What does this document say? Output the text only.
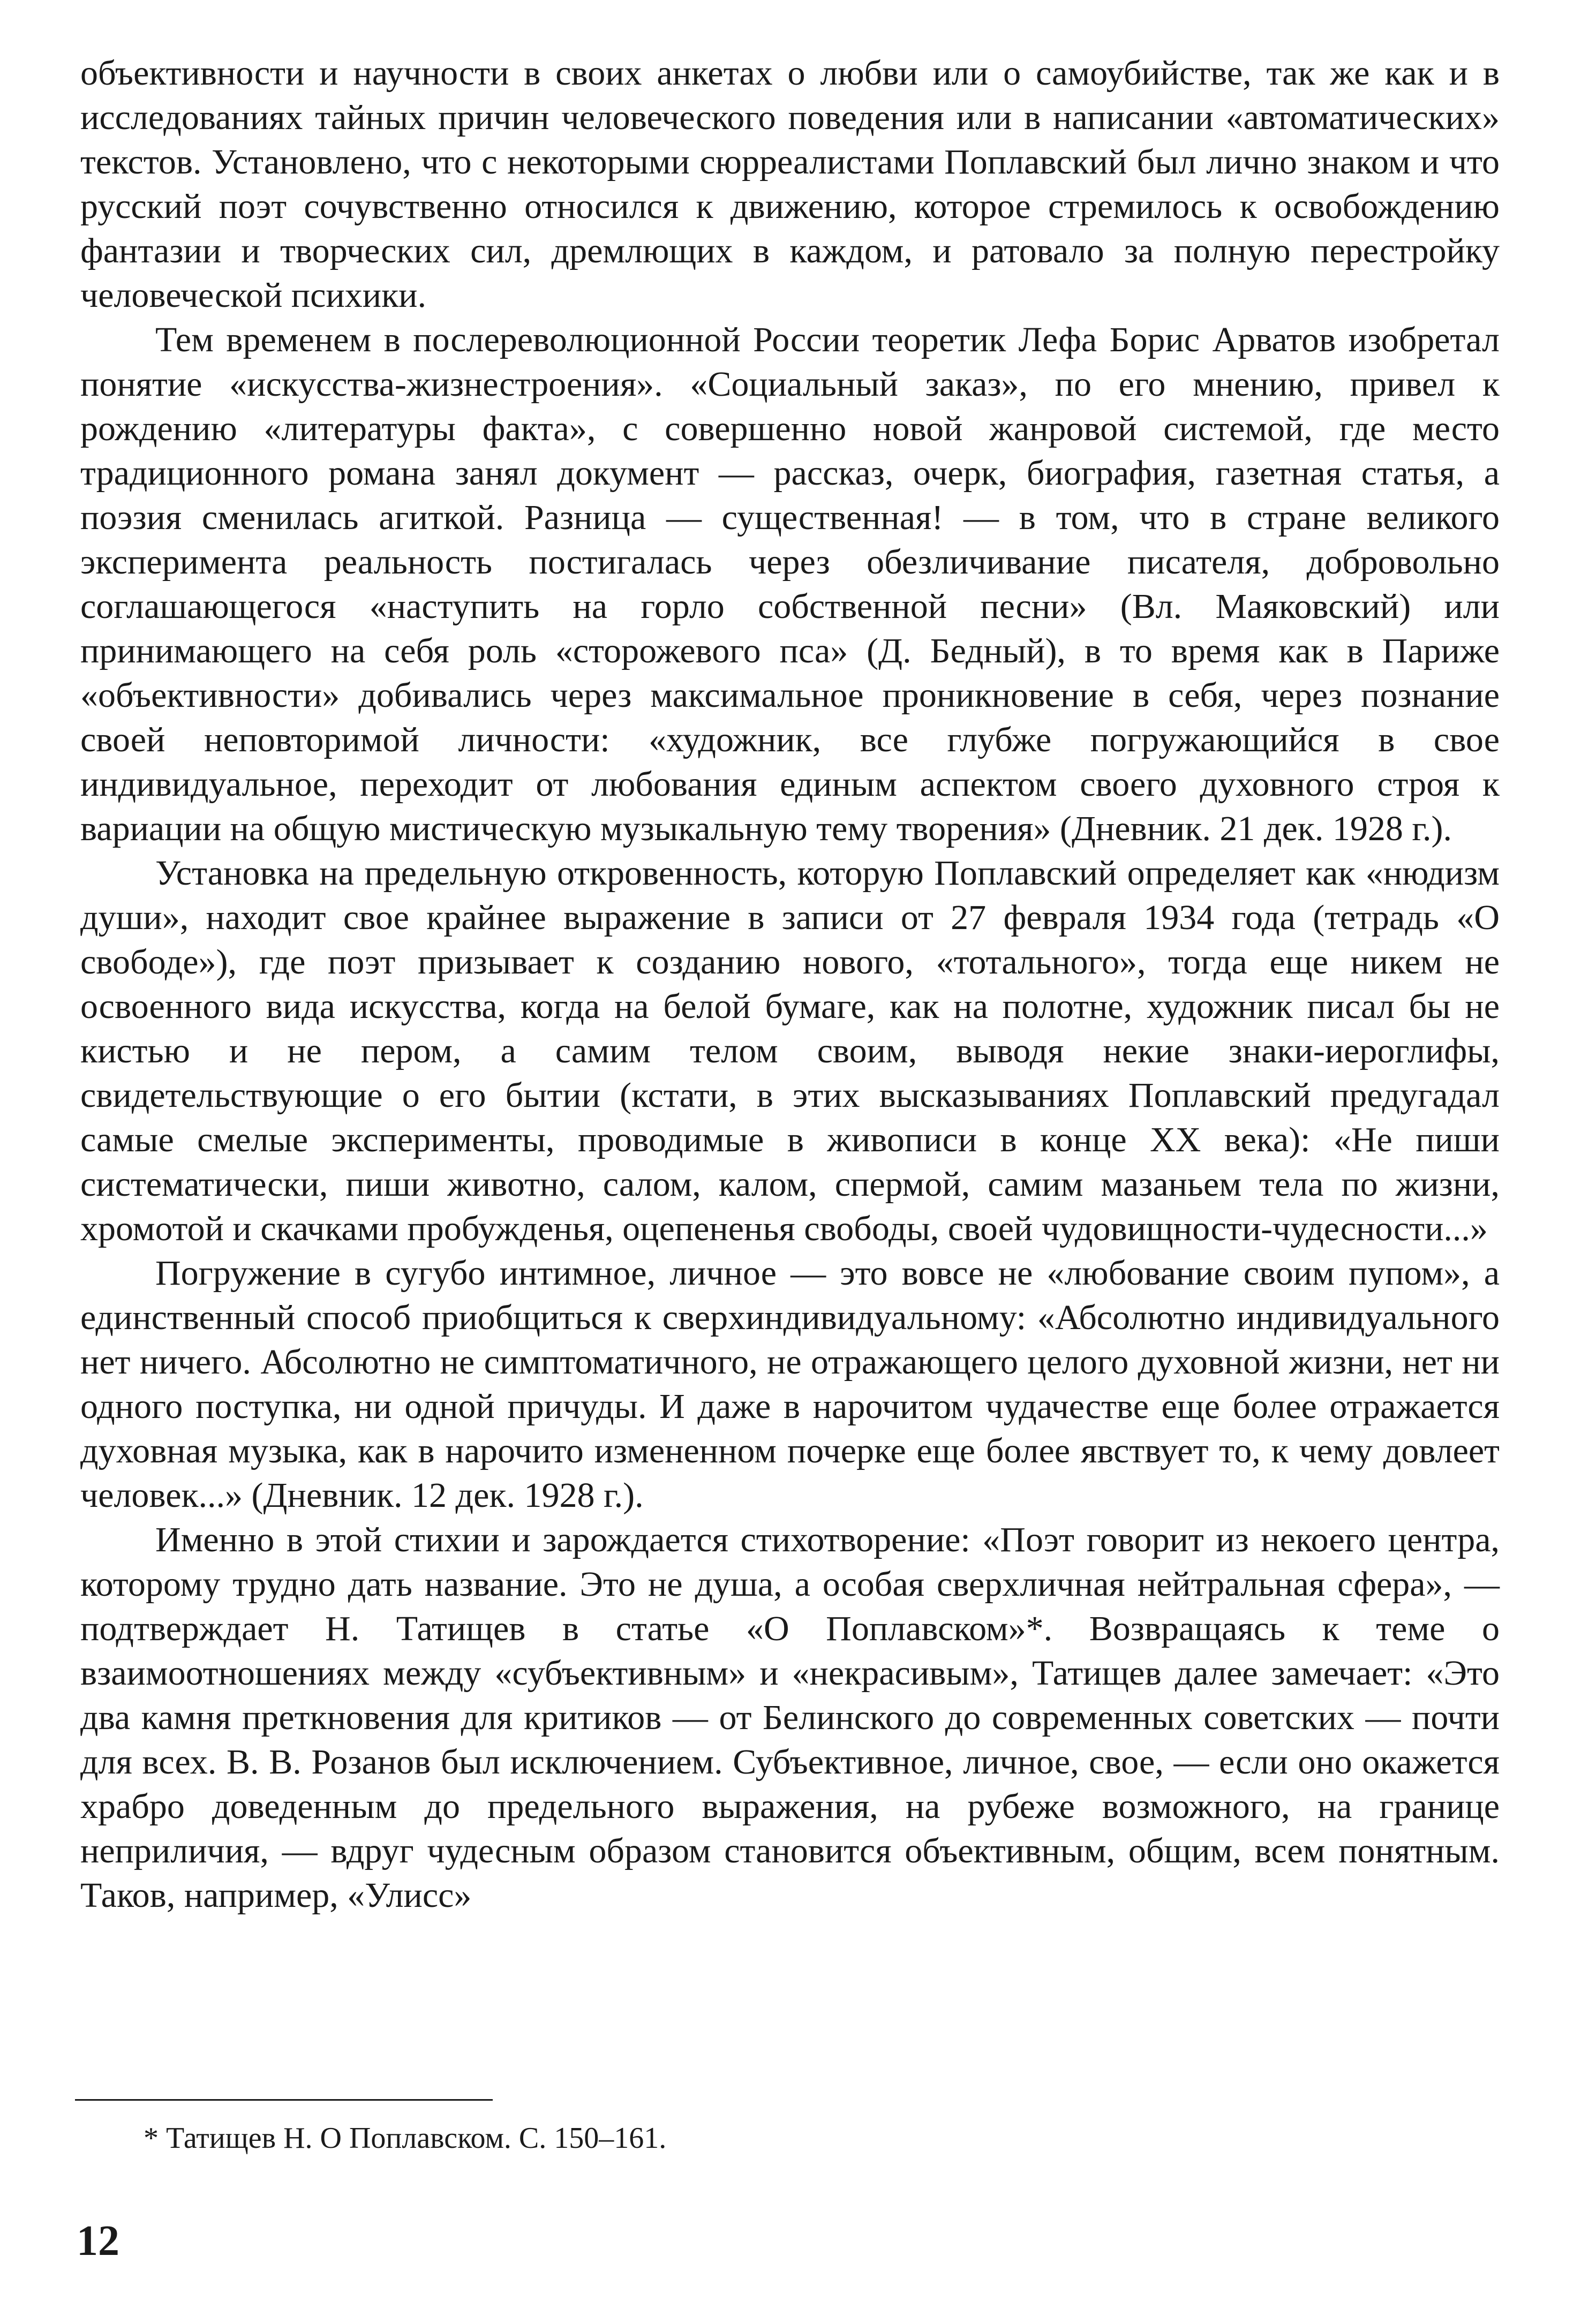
объективности и научности в своих анкетах о любви или о самоубийстве, так же как и в исследованиях тайных причин человеческого поведения или в написании «автоматических» текстов. Установлено, что с некоторыми сюрреалистами Поплавский был лично знаком и что русский поэт сочувственно относился к движению, которое стремилось к освобождению фантазии и творческих сил, дремлющих в каждом, и ратовало за полную перестройку человеческой психики.

Тем временем в послереволюционной России теоретик Лефа Борис Арватов изобретал понятие «искусства-жизнестроения». «Социальный заказ», по его мнению, привел к рождению «литературы факта», с совершенно новой жанровой системой, где место традиционного романа занял документ — рассказ, очерк, биография, газетная статья, а поэзия сменилась агиткой. Разница — существенная! — в том, что в стране великого эксперимента реальность постигалась через обезличивание писателя, добровольно соглашающегося «наступить на горло собственной песни» (Вл. Маяковский) или принимающего на себя роль «сторожевого пса» (Д. Бедный), в то время как в Париже «объективности» добивались через максимальное проникновение в себя, через познание своей неповторимой личности: «художник, все глубже погружающийся в свое индивидуальное, переходит от любования единым аспектом своего духовного строя к вариации на общую мистическую музыкальную тему творения» (Дневник. 21 дек. 1928 г.).

Установка на предельную откровенность, которую Поплавский определяет как «нюдизм души», находит свое крайнее выражение в записи от 27 февраля 1934 года (тетрадь «О свободе»), где поэт призывает к созданию нового, «тотального», тогда еще никем не освоенного вида искусства, когда на белой бумаге, как на полотне, художник писал бы не кистью и не пером, а самим телом своим, выводя некие знаки-иероглифы, свидетельствующие о его бытии (кстати, в этих высказываниях Поплавский предугадал самые смелые эксперименты, проводимые в живописи в конце XX века): «Не пиши систематически, пиши животно, салом, калом, спермой, самим мазаньем тела по жизни, хромотой и скачками пробужденья, оцепененья свободы, своей чудовищности-чудесности...»

Погружение в сугубо интимное, личное — это вовсе не «любование своим пупом», а единственный способ приобщиться к сверхиндивидуальному: «Абсолютно индивидуального нет ничего. Абсолютно не симптоматичного, не отражающего целого духовной жизни, нет ни одного поступка, ни одной причуды. И даже в нарочитом чудачестве еще более отражается духовная музыка, как в нарочито измененном почерке еще более явствует то, к чему довлеет человек...» (Дневник. 12 дек. 1928 г.).

Именно в этой стихии и зарождается стихотворение: «Поэт говорит из некоего центра, которому трудно дать название. Это не душа, а особая сверхличная нейтральная сфера», — подтверждает Н. Татищев в статье «О Поплавском»*. Возвращаясь к теме о взаимоотношениях между «субъективным» и «некрасивым», Татищев далее замечает: «Это два камня преткновения для критиков — от Белинского до современных советских — почти для всех. В. В. Розанов был исключением. Субъективное, личное, свое, — если оно окажется храбро доведенным до предельного выражения, на рубеже возможного, на границе неприличия, — вдруг чудесным образом становится объективным, общим, всем понятным. Таков, например, «Улисс»

* Татищев Н. О Поплавском. С. 150–161.

12
